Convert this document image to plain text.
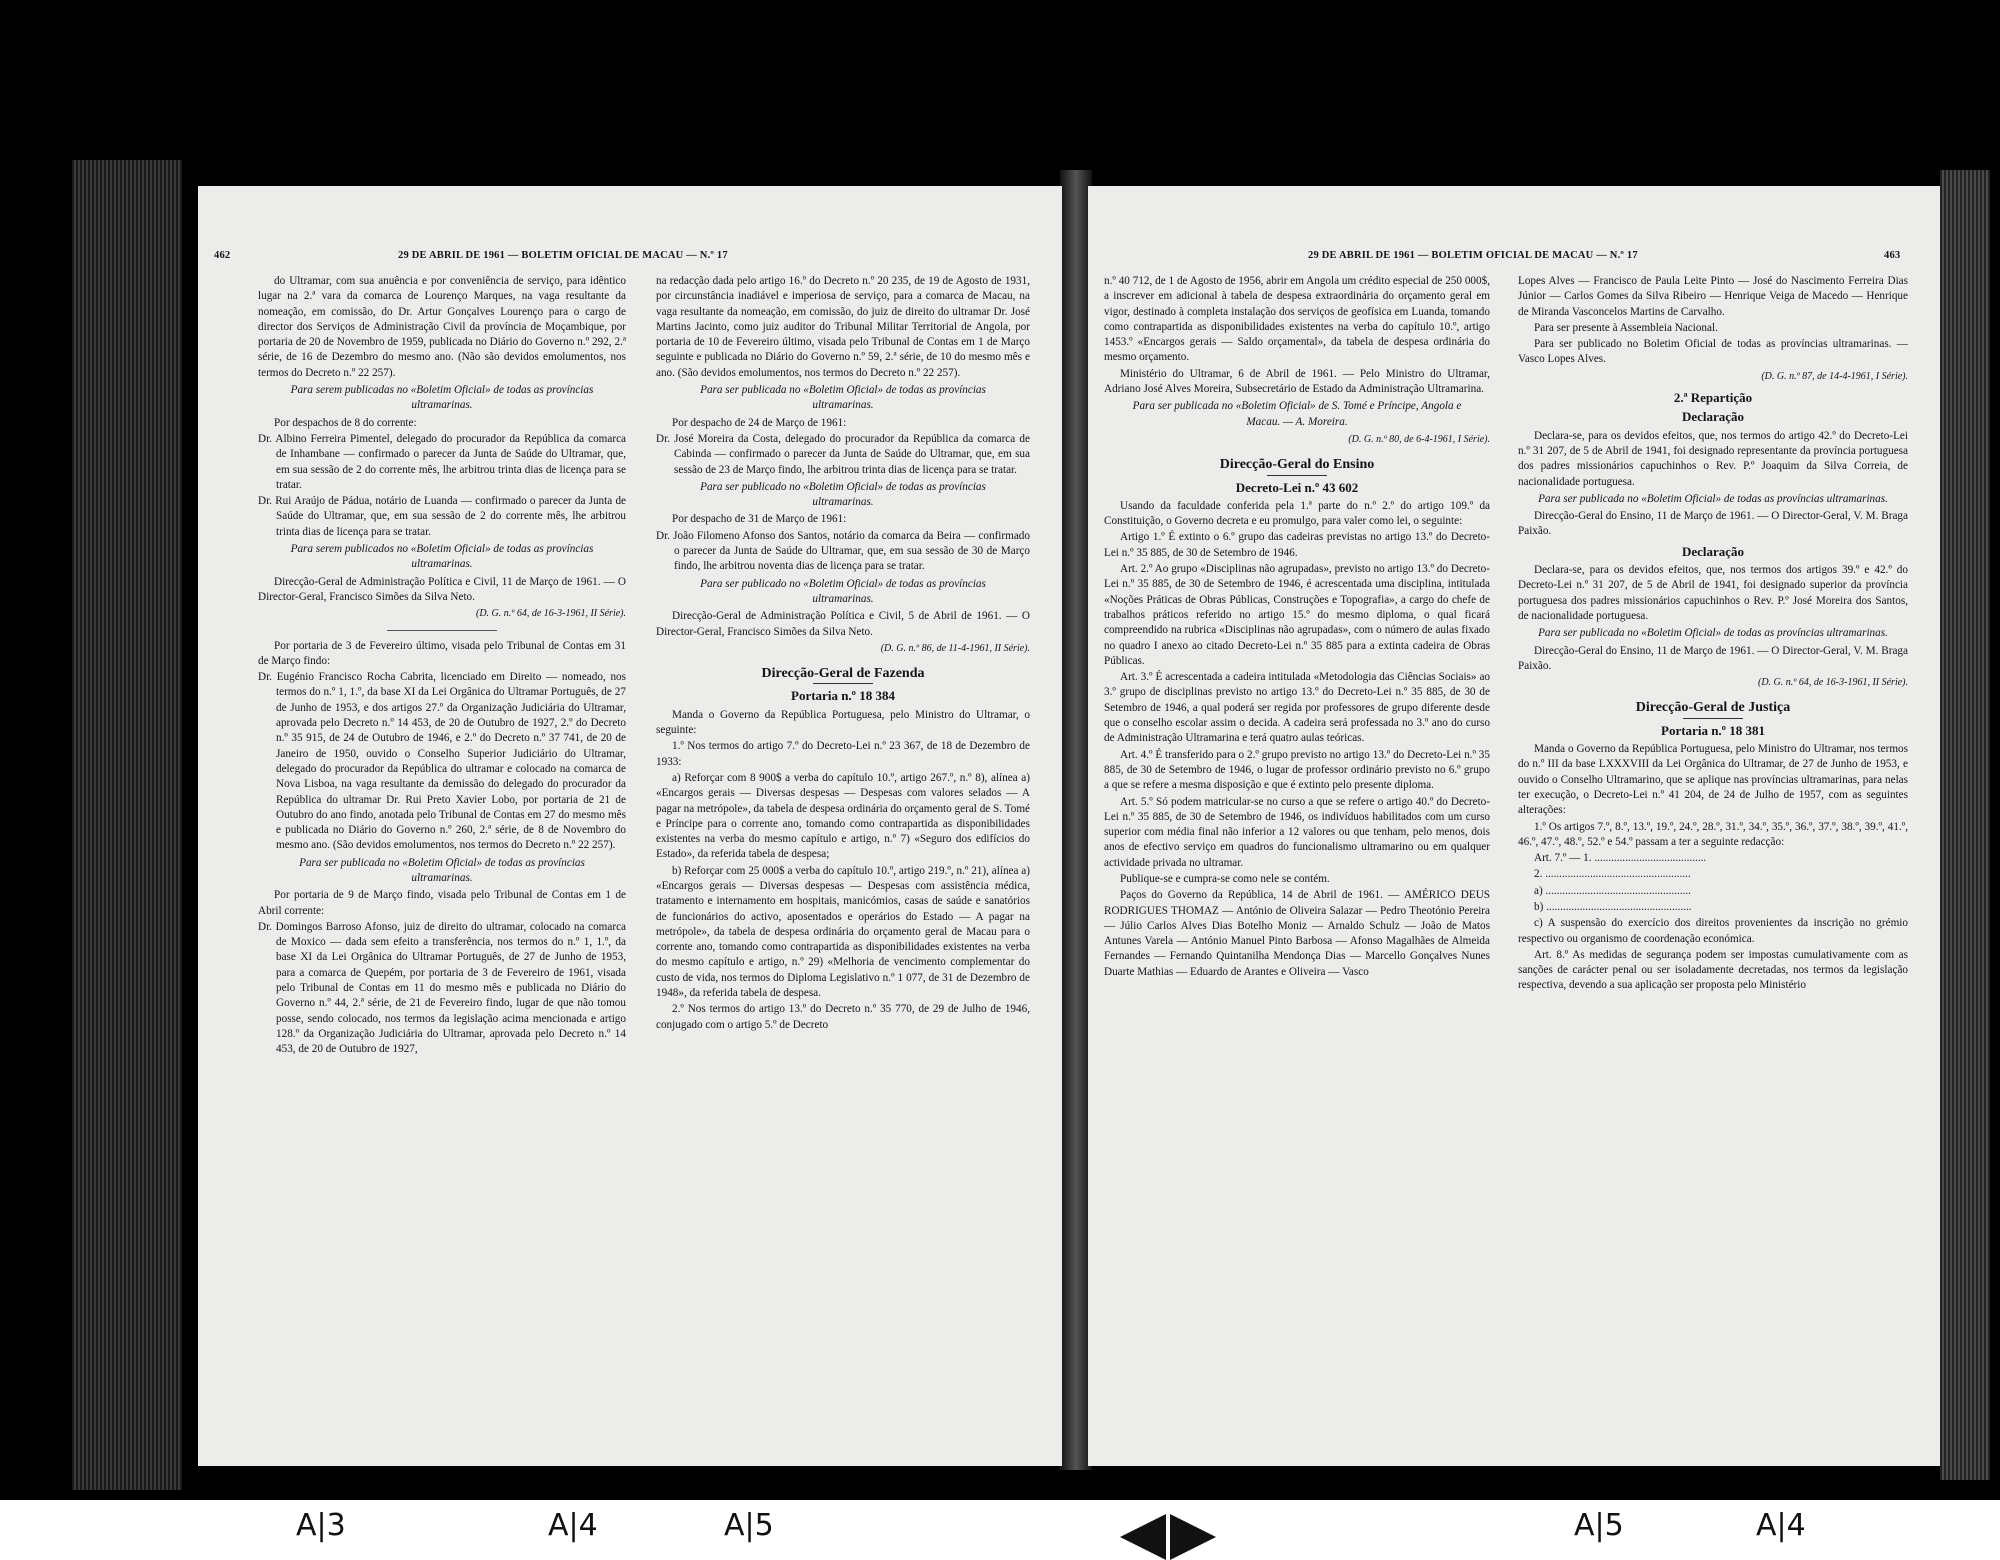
462	29 DE ABRIL DE 1961 — BOLETIM OFICIAL DE MACAU — N.º 17

do Ultramar, com sua anuência e por conveniência de serviço, para idêntico lugar na 2.ª vara da comarca de Lourenço Marques, na vaga resultante da nomeação, em comissão, do Dr. Artur Gonçalves Lourenço para o cargo de director dos Serviços de Administração Civil da província de Moçambique, por portaria de 20 de Novembro de 1959, publicada no Diário do Governo n.º 292, 2.ª série, de 16 de Dezembro do mesmo ano. (Não são devidos emolumentos, nos termos do Decreto n.º 22 257).

Para serem publicadas no «Boletim Oficial» de todas as províncias ultramarinas.

Por despachos de 8 do corrente:

Dr. Albino Ferreira Pimentel, delegado do procurador da República da comarca de Inhambane — confirmado o parecer da Junta de Saúde do Ultramar, que, em sua sessão de 2 do corrente mês, lhe arbitrou trinta dias de licença para se tratar.

Dr. Rui Araújo de Pádua, notário de Luanda — confirmado o parecer da Junta de Saúde do Ultramar, que, em sua sessão de 2 do corrente mês, lhe arbitrou trinta dias de licença para se tratar.

Para serem publicados no «Boletim Oficial» de todas as províncias ultramarinas.

Direcção-Geral de Administração Política e Civil, 11 de Março de 1961. — O Director-Geral, Francisco Simões da Silva Neto.

(D. G. n.º 64, de 16-3-1961, II Série).

Por portaria de 3 de Fevereiro último, visada pelo Tribunal de Contas em 31 de Março findo:

Dr. Eugénio Francisco Rocha Cabrita, licenciado em Direito — nomeado, nos termos do n.º 1, 1.º, da base XI da Lei Orgânica do Ultramar Português, de 27 de Junho de 1953, e dos artigos 27.º da Organização Judiciária do Ultramar, aprovada pelo Decreto n.º 14 453, de 20 de Outubro de 1927, 2.º do Decreto n.º 35 915, de 24 de Outubro de 1946, e 2.º do Decreto n.º 37 741, de 20 de Janeiro de 1950, ouvido o Conselho Superior Judiciário do Ultramar, delegado do procurador da República do ultramar e colocado na comarca de Nova Lisboa, na vaga resultante da demissão do delegado do procurador da República do ultramar Dr. Rui Preto Xavier Lobo, por portaria de 21 de Outubro do ano findo, anotada pelo Tribunal de Contas em 27 do mesmo mês e publicada no Diário do Governo n.º 260, 2.ª série, de 8 de Novembro do mesmo ano. (São devidos emolumentos, nos termos do Decreto n.º 22 257).

Para ser publicada no «Boletim Oficial» de todas as províncias ultramarinas.

Por portaria de 9 de Março findo, visada pelo Tribunal de Contas em 1 de Abril corrente:

Dr. Domingos Barroso Afonso, juiz de direito do ultramar, colocado na comarca de Moxico — dada sem efeito a transferência, nos termos do n.º 1, 1.º, da base XI da Lei Orgânica do Ultramar Português, de 27 de Junho de 1953, para a comarca de Quepém, por portaria de 3 de Fevereiro de 1961, visada pelo Tribunal de Contas em 11 do mesmo mês e publicada no Diário do Governo n.º 44, 2.ª série, de 21 de Fevereiro findo, lugar de que não tomou posse, sendo colocado, nos termos da legislação acima mencionada e artigo 128.º da Organização Judiciária do Ultramar, aprovada pelo Decreto n.º 14 453, de 20 de Outubro de 1927,

na redacção dada pelo artigo 16.º do Decreto n.º 20 235, de 19 de Agosto de 1931, por circunstância inadiável e imperiosa de serviço, para a comarca de Macau, na vaga resultante da nomeação, em comissão, do juiz de direito do ultramar Dr. José Martins Jacinto, como juiz auditor do Tribunal Militar Territorial de Angola, por portaria de 10 de Fevereiro último, visada pelo Tribunal de Contas em 1 de Março seguinte e publicada no Diário do Governo n.º 59, 2.ª série, de 10 do mesmo mês e ano. (São devidos emolumentos, nos termos do Decreto n.º 22 257).

Para ser publicada no «Boletim Oficial» de todas as províncias ultramarinas.

Por despacho de 24 de Março de 1961:

Dr. José Moreira da Costa, delegado do procurador da República da comarca de Cabinda — confirmado o parecer da Junta de Saúde do Ultramar, que, em sua sessão de 23 de Março findo, lhe arbitrou trinta dias de licença para se tratar.

Para ser publicado no «Boletim Oficial» de todas as províncias ultramarinas.

Por despacho de 31 de Março de 1961:

Dr. João Filomeno Afonso dos Santos, notário da comarca da Beira — confirmado o parecer da Junta de Saúde do Ultramar, que, em sua sessão de 30 de Março findo, lhe arbitrou noventa dias de licença para se tratar.

Para ser publicado no «Boletim Oficial» de todas as províncias ultramarinas.

Direcção-Geral de Administração Política e Civil, 5 de Abril de 1961. — O Director-Geral, Francisco Simões da Silva Neto.

(D. G. n.º 86, de 11-4-1961, II Série).

Direcção-Geral de Fazenda

Portaria n.º 18 384

Manda o Governo da República Portuguesa, pelo Ministro do Ultramar, o seguinte:

1.º Nos termos do artigo 7.º do Decreto-Lei n.º 23 367, de 18 de Dezembro de 1933:

a) Reforçar com 8 900$ a verba do capítulo 10.º, artigo 267.º, n.º 8), alínea a) «Encargos gerais — Diversas despesas — Despesas com valores selados — A pagar na metrópole», da tabela de despesa ordinária do orçamento geral de S. Tomé e Príncipe para o corrente ano, tomando como contrapartida as disponibilidades existentes na verba do mesmo capítulo e artigo, n.º 7) «Seguro dos edifícios do Estado», da referida tabela de despesa;

b) Reforçar com 25 000$ a verba do capítulo 10.º, artigo 219.º, n.º 21), alínea a) «Encargos gerais — Diversas despesas — Despesas com assistência médica, tratamento e internamento em hospitais, manicómios, casas de saúde e sanatórios de funcionários do activo, aposentados e operários do Estado — A pagar na metrópole», da tabela de despesa ordinária do orçamento geral de Macau para o corrente ano, tomando como contrapartida as disponibilidades existentes na verba do mesmo capítulo e artigo, n.º 29) «Melhoria de vencimento complementar do custo de vida, nos termos do Diploma Legislativo n.º 1 077, de 31 de Dezembro de 1948», da referida tabela de despesa.

2.º Nos termos do artigo 13.º do Decreto n.º 35 770, de 29 de Julho de 1946, conjugado com o artigo 5.º de Decreto

29 DE ABRIL DE 1961 — BOLETIM OFICIAL DE MACAU — N.º 17	463

n.º 40 712, de 1 de Agosto de 1956, abrir em Angola um crédito especial de 250 000$, a inscrever em adicional à tabela de despesa extraordinária do orçamento geral em vigor, destinado à completa instalação dos serviços de geofísica em Luanda, tomando como contrapartida as disponibilidades existentes na verba do capítulo 10.º, artigo 1453.º «Encargos gerais — Saldo orçamental», da tabela de despesa ordinária do mesmo orçamento.

Ministério do Ultramar, 6 de Abril de 1961. — Pelo Ministro do Ultramar, Adriano José Alves Moreira, Subsecretário de Estado da Administração Ultramarina.

Para ser publicada no «Boletim Oficial» de S. Tomé e Príncipe, Angola e Macau. — A. Moreira.

(D. G. n.º 80, de 6-4-1961, I Série).

Direcção-Geral do Ensino

Decreto-Lei n.º 43 602

Usando da faculdade conferida pela 1.ª parte do n.º 2.º do artigo 109.º da Constituição, o Governo decreta e eu promulgo, para valer como lei, o seguinte:

Artigo 1.º É extinto o 6.º grupo das cadeiras previstas no artigo 13.º do Decreto-Lei n.º 35 885, de 30 de Setembro de 1946.

Art. 2.º Ao grupo «Disciplinas não agrupadas», previsto no artigo 13.º do Decreto-Lei n.º 35 885, de 30 de Setembro de 1946, é acrescentada uma disciplina, intitulada «Noções Práticas de Obras Públicas, Construções e Topografia», a cargo do chefe de trabalhos práticos referido no artigo 15.º do mesmo diploma, o qual ficará compreendido na rubrica «Disciplinas não agrupadas», com o número de aulas fixado no quadro I anexo ao citado Decreto-Lei n.º 35 885 para a extinta cadeira de Obras Públicas.

Art. 3.º É acrescentada a cadeira intitulada «Metodologia das Ciências Sociais» ao 3.º grupo de disciplinas previsto no artigo 13.º do Decreto-Lei n.º 35 885, de 30 de Setembro de 1946, a qual poderá ser regida por professores de grupo diferente desde que o conselho escolar assim o decida. A cadeira será professada no 3.º ano do curso de Administração Ultramarina e terá quatro aulas teóricas.

Art. 4.º É transferido para o 2.º grupo previsto no artigo 13.º do Decreto-Lei n.º 35 885, de 30 de Setembro de 1946, o lugar de professor ordinário previsto no 6.º grupo a que se refere a mesma disposição e que é extinto pelo presente diploma.

Art. 5.º Só podem matricular-se no curso a que se refere o artigo 40.º do Decreto-Lei n.º 35 885, de 30 de Setembro de 1946, os indivíduos habilitados com um curso superior com média final não inferior a 12 valores ou que tenham, pelo menos, dois anos de efectivo serviço em quadros do funcionalismo ultramarino ou em qualquer actividade privada no ultramar.

Publique-se e cumpra-se como nele se contém.

Paços do Governo da República, 14 de Abril de 1961. — AMÉRICO DEUS RODRIGUES THOMAZ — António de Oliveira Salazar — Pedro Theotónio Pereira — Júlio Carlos Alves Dias Botelho Moniz — Arnaldo Schulz — João de Matos Antunes Varela — António Manuel Pinto Barbosa — Afonso Magalhães de Almeida Fernandes — Fernando Quintanilha Mendonça Dias — Marcello Gonçalves Nunes Duarte Mathias — Eduardo de Arantes e Oliveira — Vasco

Lopes Alves — Francisco de Paula Leite Pinto — José do Nascimento Ferreira Dias Júnior — Carlos Gomes da Silva Ribeiro — Henrique Veiga de Macedo — Henrique de Miranda Vasconcelos Martins de Carvalho.

Para ser presente à Assembleia Nacional.

Para ser publicado no Boletim Oficial de todas as províncias ultramarinas. — Vasco Lopes Alves.

(D. G. n.º 87, de 14-4-1961, I Série).

2.ª Repartição

Declaração

Declara-se, para os devidos efeitos, que, nos termos do artigo 42.º do Decreto-Lei n.º 31 207, de 5 de Abril de 1941, foi designado representante da província portuguesa dos padres missionários capuchinhos o Rev. P.º Joaquim da Silva Correia, de nacionalidade portuguesa.

Para ser publicada no «Boletim Oficial» de todas as províncias ultramarinas.

Direcção-Geral do Ensino, 11 de Março de 1961. — O Director-Geral, V. M. Braga Paixão.

Declaração

Declara-se, para os devidos efeitos, que, nos termos dos artigos 39.º e 42.º do Decreto-Lei n.º 31 207, de 5 de Abril de 1941, foi designado superior da província portuguesa dos padres missionários capuchinhos o Rev. P.º José Moreira dos Santos, de nacionalidade portuguesa.

Para ser publicada no «Boletim Oficial» de todas as províncias ultramarinas.

Direcção-Geral do Ensino, 11 de Março de 1961. — O Director-Geral, V. M. Braga Paixão.

(D. G. n.º 64, de 16-3-1961, II Série).

Direcção-Geral de Justiça

Portaria n.º 18 381

Manda o Governo da República Portuguesa, pelo Ministro do Ultramar, nos termos do n.º III da base LXXXVIII da Lei Orgânica do Ultramar, de 27 de Junho de 1953, e ouvido o Conselho Ultramarino, que se aplique nas províncias ultramarinas, para nelas ter execução, o Decreto-Lei n.º 41 204, de 24 de Julho de 1957, com as seguintes alterações:

1.º Os artigos 7.º, 8.º, 13.º, 19.º, 24.º, 28.º, 31.º, 34.º, 35.º, 36.º, 37.º, 38.º, 39.º, 41.º, 46.º, 47.º, 48.º, 52.º e 54.º passam a ter a seguinte redacção:

Art. 7.º — 1. ........................................

2. ....................................................

a) ....................................................

b) ....................................................

c) A suspensão do exercício dos direitos provenientes da inscrição no grémio respectivo ou organismo de coordenação económica.

Art. 8.º As medidas de segurança podem ser impostas cumulativamente com as sanções de carácter penal ou ser isoladamente decretadas, nos termos da legislação respectiva, devendo a sua aplicação ser proposta pelo Ministério

A|3	A|4	A|5	A|5	A|4
